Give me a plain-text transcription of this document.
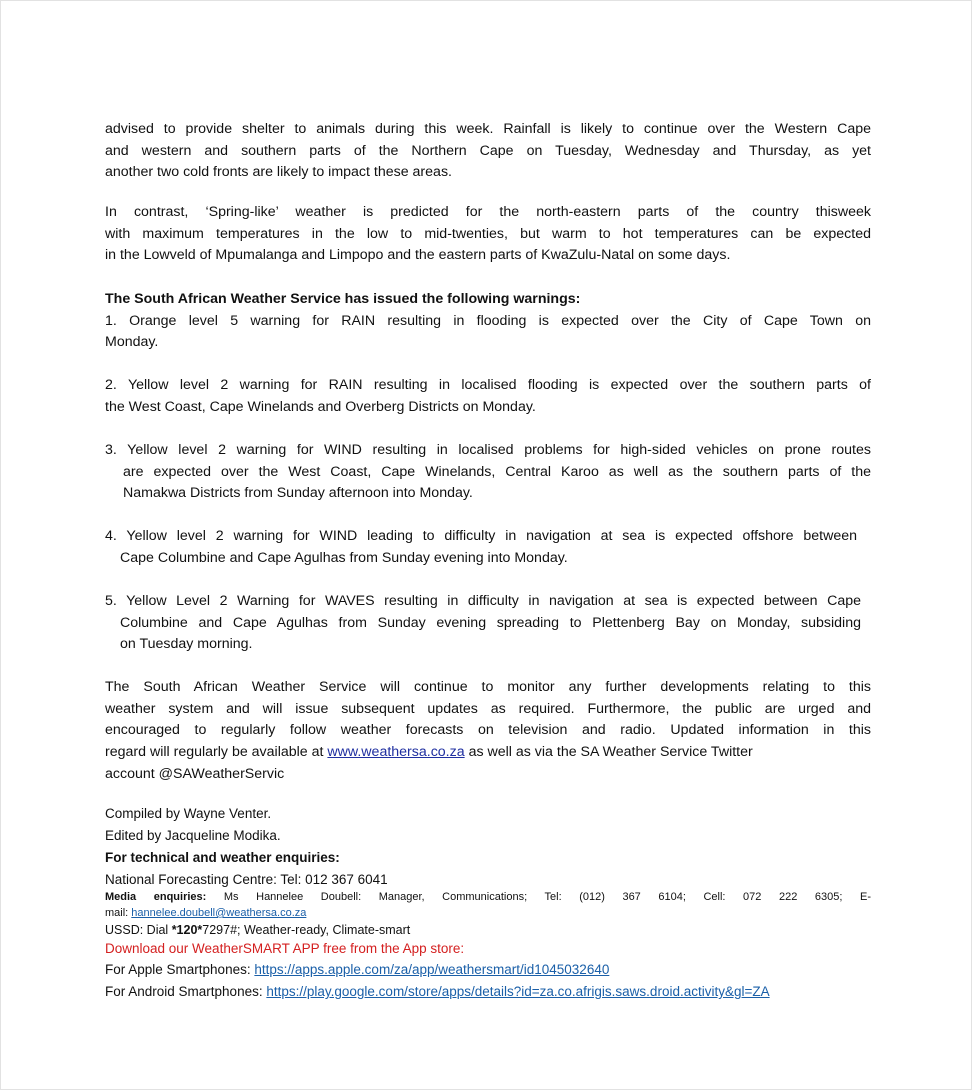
advised to provide shelter to animals during this week. Rainfall is likely to continue over the Western Cape
and western and southern parts of the Northern Cape on Tuesday, Wednesday and Thursday, as yet
another two cold fronts are likely to impact these areas.
In contrast, ‘Spring-like’ weather is predicted for the north-eastern parts of the country thisweek
with maximum temperatures in the low to mid-twenties, but warm to hot temperatures can be expected
in the Lowveld of Mpumalanga and Limpopo and the eastern parts of KwaZulu-Natal on some days.
The South African Weather Service has issued the following warnings:
1. Orange level 5 warning for RAIN resulting in flooding is expected over the City of Cape Town on
Monday.
2. Yellow level 2 warning for RAIN resulting in localised flooding is expected over the southern parts of
the West Coast, Cape Winelands and Overberg Districts on Monday.
3. Yellow level 2 warning for WIND resulting in localised problems for high-sided vehicles on prone routes
are expected over the West Coast, Cape Winelands, Central Karoo as well as the southern parts of the
Namakwa Districts from Sunday afternoon into Monday.
4. Yellow level 2 warning for WIND leading to difficulty in navigation at sea is expected offshore between
Cape Columbine and Cape Agulhas from Sunday evening into Monday.
5. Yellow Level 2 Warning for WAVES resulting in difficulty in navigation at sea is expected between Cape
Columbine and Cape Agulhas from Sunday evening spreading to Plettenberg Bay on Monday, subsiding
on Tuesday morning.
The South African Weather Service will continue to monitor any further developments relating to this
weather system and will issue subsequent updates as required. Furthermore, the public are urged and
encouraged to regularly follow weather forecasts on television and radio. Updated information in this
regard will regularly be available at www.weathersa.co.za as well as via the SA Weather Service Twitter
account @SAWeatherServic
Compiled by Wayne Venter.
Edited by Jacqueline Modika.
For technical and weather enquiries:
National Forecasting Centre: Tel: 012 367 6041
Media enquiries: Ms Hannelee Doubell: Manager, Communications; Tel: (012) 367 6104; Cell: 072 222 6305; E-
mail: hannelee.doubell@weathersa.co.za
USSD: Dial *120*7297#; Weather-ready, Climate-smart
Download our WeatherSMART APP free from the App store:
For Apple Smartphones: https://apps.apple.com/za/app/weathersmart/id1045032640
For Android Smartphones: https://play.google.com/store/apps/details?id=za.co.afrigis.saws.droid.activity&gl=ZA
